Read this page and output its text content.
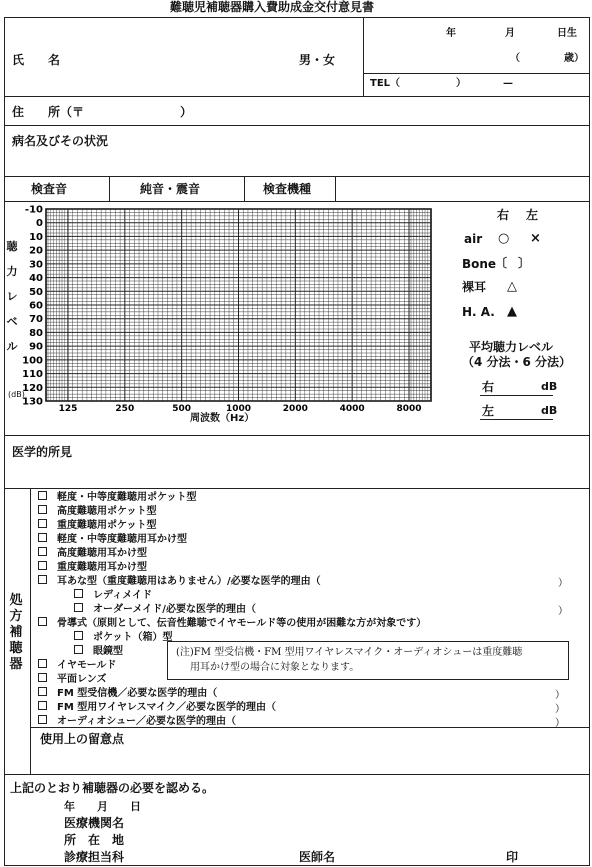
難聴児補聴器購入費助成金交付意見書
氏　　名	男・女
年	月	日生
（	歳）
TEL（	）	—
住　　所（〒　　　　　　　　）
病名及びその状況
検査音	純音・震音	検査機種
聴
力
レ
ベ
ル
(dB)
-10
0
10
20
30
40
50
60
70
80
90
100
110
120
130
125	250	500	1000	2000	4000	8000
周波数（Hz）
右 左
air ○ ×
Bone
〔 〕
裸耳 △
H. A. ▲
平均聴力レベル
（4 分法・6 分法）
右	dB
左	dB
医学的所見
処方補聴器
軽度・中等度難聴用ポケット型
高度難聴用ポケット型
重度難聴用ポケット型
軽度・中等度難聴用耳かけ型
高度難聴用耳かけ型
重度難聴用耳かけ型
耳あな型（重度難聴用はありません）/必要な医学的理由（	）
レディメイド
オーダーメイド/必要な医学的理由（	）
骨導式（原則として、伝音性難聴でイヤモールド等の使用が困難な方が対象です）
ポケット（箱）型
眼鏡型
イヤモールド
平面レンズ
FM 型受信機／必要な医学的理由（	）
FM 型用ワイヤレスマイク／必要な医学的理由（	）
オーディオシュー／必要な医学的理由（	）
(注)FM 型受信機・FM 型用ワイヤレスマイク・オーディオシューは重度難聴
用耳かけ型の場合に対象となります。
使用上の留意点
上記のとおり補聴器の必要を認める。
年　　月　　日
医療機関名
所　在　地
診療担当科	医師名	印
